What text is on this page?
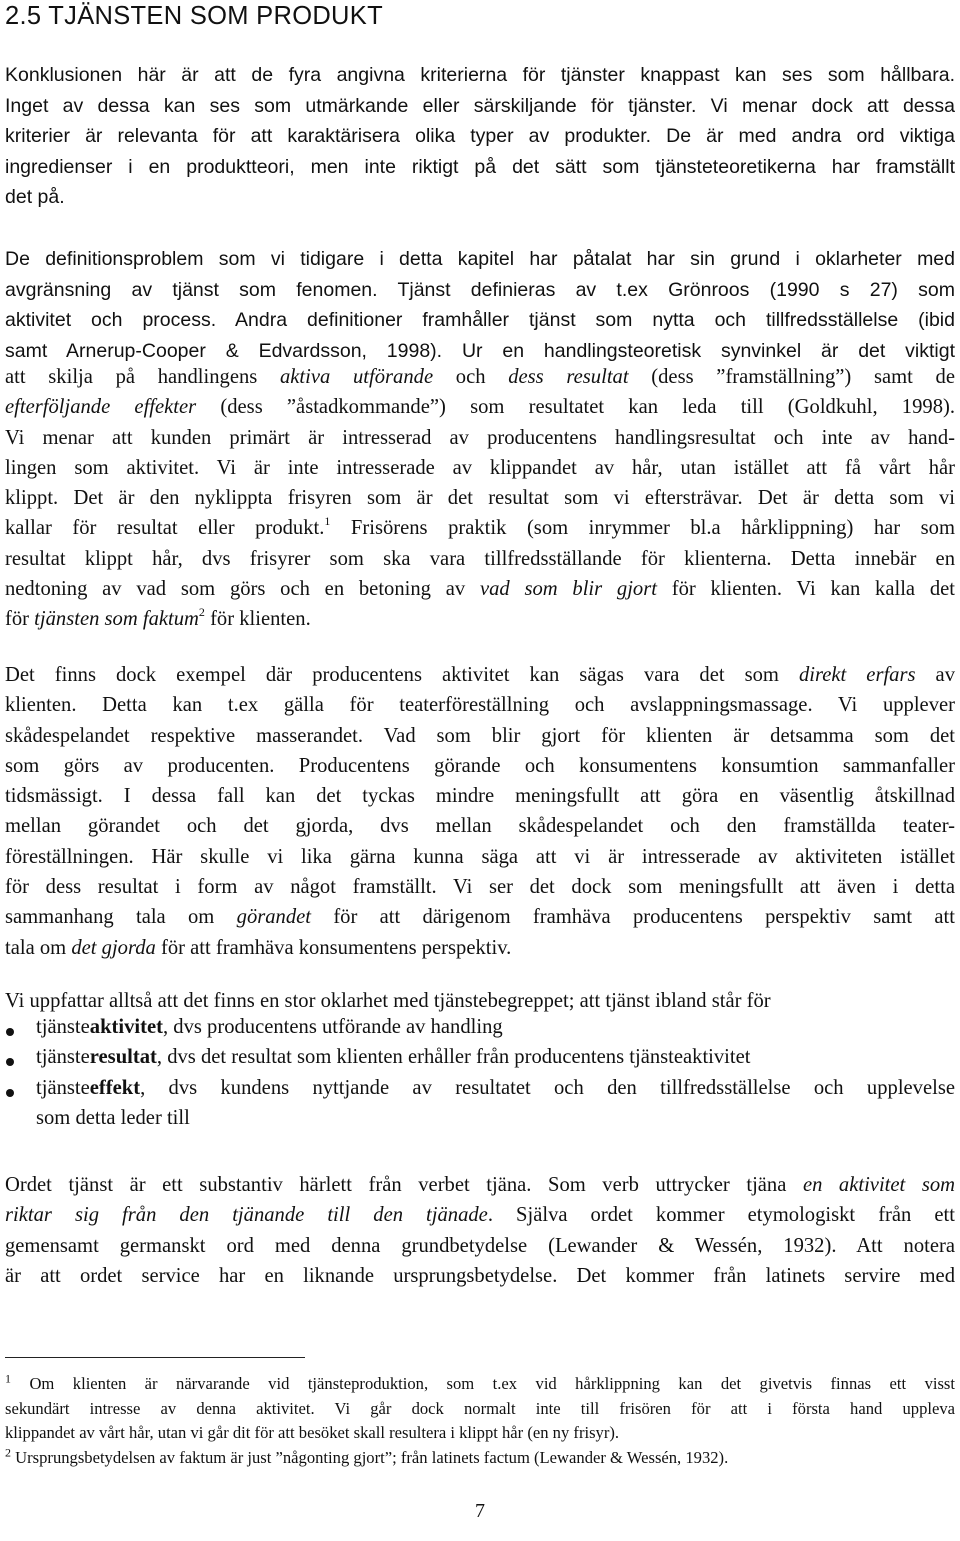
2.5 TJÄNSTEN SOM PRODUKT
Konklusionen här är att de fyra angivna kriterierna för tjänster knappast kan ses som hållbara.
Inget av dessa kan ses som utmärkande eller särskiljande för tjänster. Vi menar dock att dessa
kriterier är relevanta för att karaktärisera olika typer av produkter. De är med andra ord viktiga
ingredienser i en produktteori, men inte riktigt på det sätt som tjänsteteoretikerna har framställt
det på.
De definitionsproblem som vi tidigare i detta kapitel har påtalat har sin grund i oklarheter med
avgränsning av tjänst som fenomen. Tjänst definieras av t.ex Grönroos (1990 s 27) som
aktivitet och process. Andra definitioner framhåller tjänst som nytta och tillfredsställelse (ibid
samt Arnerup-Cooper & Edvardsson, 1998). Ur en handlingsteoretisk synvinkel är det viktigt
att skilja på handlingens aktiva utförande och dess resultat (dess ”framställning”) samt de
efterföljande effekter (dess ”åstadkommande”) som resultatet kan leda till (Goldkuhl, 1998).
Vi menar att kunden primärt är intresserad av producentens handlingsresultat och inte av hand-
lingen som aktivitet. Vi är inte intresserade av klippandet av hår, utan istället att få vårt hår
klippt. Det är den nyklippta frisyren som är det resultat som vi eftersträvar. Det är detta som vi
kallar för resultat eller produkt.$^1$ Frisörens praktik (som inrymmer bl.a hårklippning) har som
resultat klippt hår, dvs frisyrer som ska vara tillfredsställande för klienterna. Detta innebär en
nedtoning av vad som görs och en betoning av vad som blir gjort för klienten. Vi kan kalla det
för tjänsten som faktum$^2$ för klienten.
Det finns dock exempel där producentens aktivitet kan sägas vara det som direkt erfars av
klienten. Detta kan t.ex gälla för teaterföreställning och avslappningsmassage. Vi upplever
skådespelandet respektive masserandet. Vad som blir gjort för klienten är detsamma som det
som görs av producenten. Producentens görande och konsumentens konsumtion sammanfaller
tidsmässigt. I dessa fall kan det tyckas mindre meningsfullt att göra en väsentlig åtskillnad
mellan görandet och det gjorda, dvs mellan skådespelandet och den framställda teater-
föreställningen. Här skulle vi lika gärna kunna säga att vi är intresserade av aktiviteten istället
för dess resultat i form av något framställt. Vi ser det dock som meningsfullt att även i detta
sammanhang tala om görandet för att därigenom framhäva producentens perspektiv samt att
tala om det gjorda för att framhäva konsumentens perspektiv.
Vi uppfattar alltså att det finns en stor oklarhet med tjänstebegreppet; att tjänst ibland står för
tjänsteaktivitet, dvs producentens utförande av handling
tjänsteresultat, dvs det resultat som klienten erhåller från producentens tjänsteaktivitet
tjänsteeffekt, dvs kundens nyttjande av resultatet och den tillfredsställelse och upplevelse
som detta leder till
Ordet tjänst är ett substantiv härlett från verbet tjäna. Som verb uttrycker tjäna en aktivitet som
riktar sig från den tjänande till den tjänade. Själva ordet kommer etymologiskt från ett
gemensamt germanskt ord med denna grundbetydelse (Lewander & Wessén, 1932). Att notera
är att ordet service har en liknande ursprungsbetydelse. Det kommer från latinets servire med
$^1$ Om klienten är närvarande vid tjänsteproduktion, som t.ex vid hårklippning kan det givetvis finnas ett visst
sekundärt intresse av denna aktivitet. Vi går dock normalt inte till frisören för att i första hand uppleva
klippandet av vårt hår, utan vi går dit för att besöket skall resultera i klippt hår (en ny frisyr).
$^2$ Ursprungsbetydelsen av faktum är just ”någonting gjort”; från latinets factum (Lewander & Wessén, 1932).
7
